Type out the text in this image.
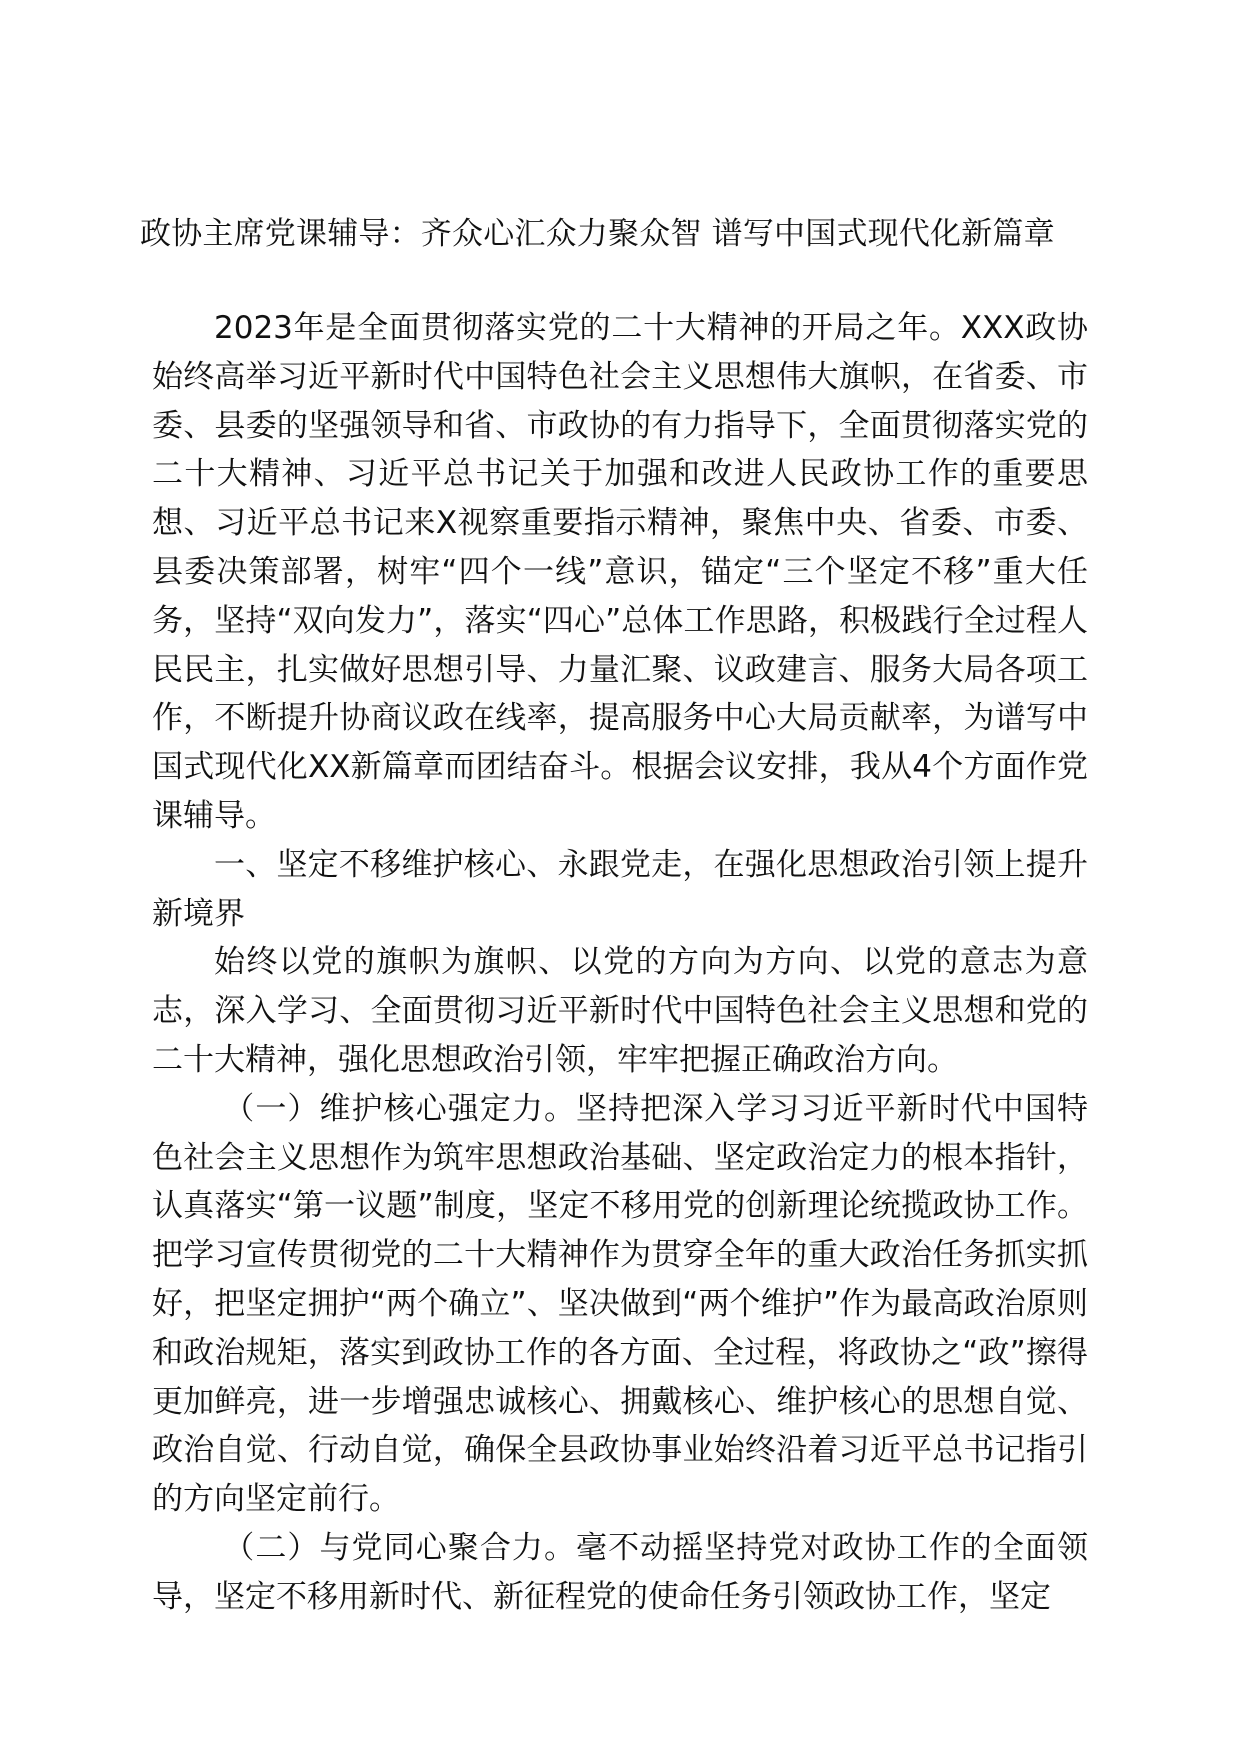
政协主席党课辅导：齐众心汇众力聚众智 谱写中国式现代化新篇章

2023年是全面贯彻落实党的二十大精神的开局之年。XXX政协始终高举习近平新时代中国特色社会主义思想伟大旗帜，在省委、市委、县委的坚强领导和省、市政协的有力指导下，全面贯彻落实党的二十大精神、习近平总书记关于加强和改进人民政协工作的重要思想、习近平总书记来X视察重要指示精神，聚焦中央、省委、市委、县委决策部署，树牢“四个一线”意识，锚定“三个坚定不移”重大任务，坚持“双向发力”，落实“四心”总体工作思路，积极践行全过程人民民主，扎实做好思想引导、力量汇聚、议政建言、服务大局各项工作，不断提升协商议政在线率，提高服务中心大局贡献率，为谱写中国式现代化XX新篇章而团结奋斗。根据会议安排，我从4个方面作党课辅导。

一、坚定不移维护核心、永跟党走，在强化思想政治引领上提升新境界

始终以党的旗帜为旗帜、以党的方向为方向、以党的意志为意志，深入学习、全面贯彻习近平新时代中国特色社会主义思想和党的二十大精神，强化思想政治引领，牢牢把握正确政治方向。

（一）维护核心强定力。坚持把深入学习习近平新时代中国特色社会主义思想作为筑牢思想政治基础、坚定政治定力的根本指针，认真落实“第一议题”制度，坚定不移用党的创新理论统揽政协工作。把学习宣传贯彻党的二十大精神作为贯穿全年的重大政治任务抓实抓好，把坚定拥护“两个确立”、坚决做到“两个维护”作为最高政治原则和政治规矩，落实到政协工作的各方面、全过程，将政协之“政”擦得更加鲜亮，进一步增强忠诚核心、拥戴核心、维护核心的思想自觉、政治自觉、行动自觉，确保全县政协事业始终沿着习近平总书记指引的方向坚定前行。

（二）与党同心聚合力。毫不动摇坚持党对政协工作的全面领导，坚定不移用新时代、新征程党的使命任务引领政协工作，坚定
